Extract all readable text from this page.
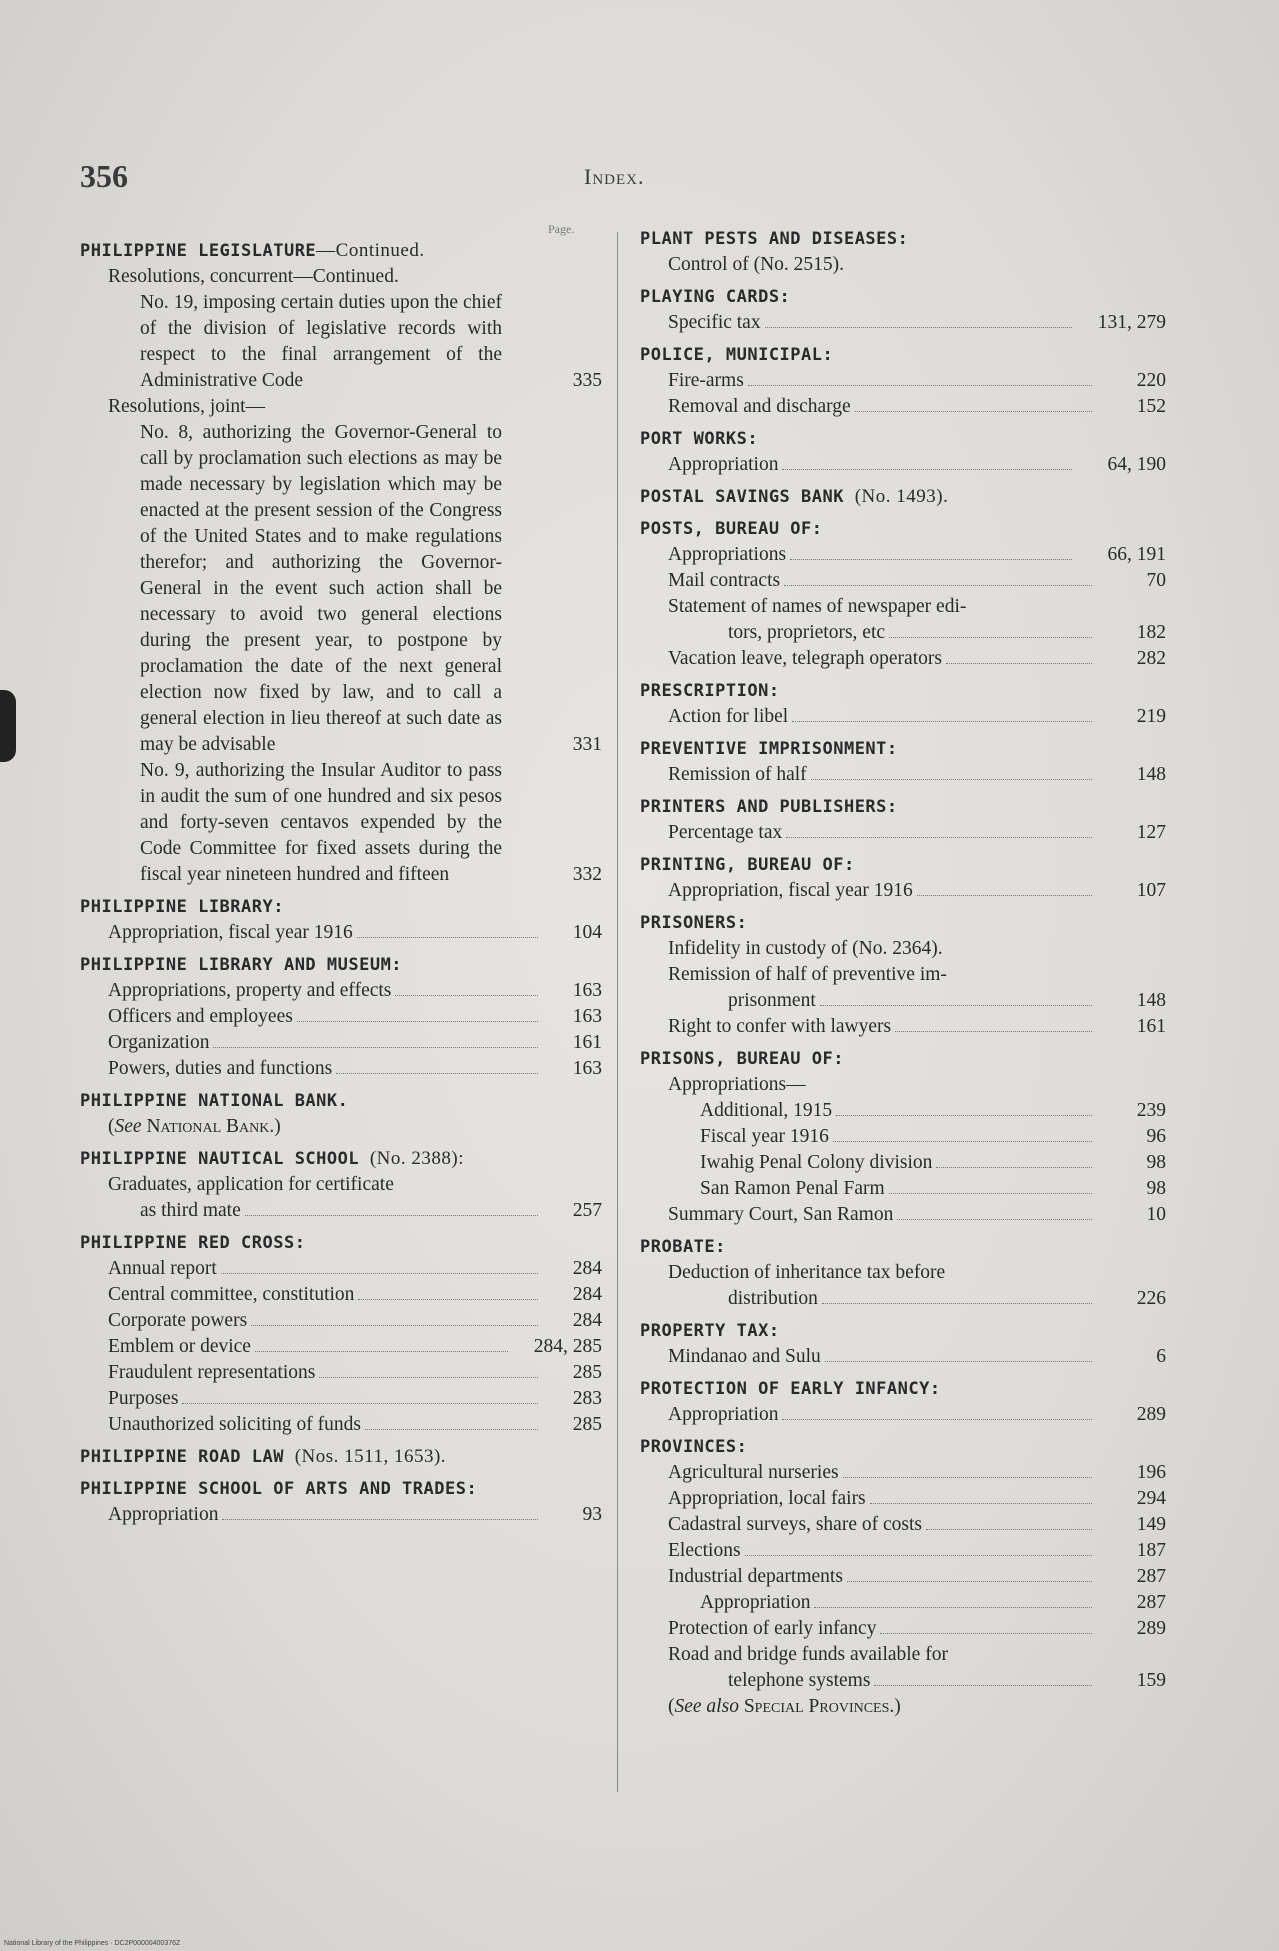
356	Index.
Page.
PHILIPPINE LEGISLATURE—Continued.
Resolutions, concurrent—Continued.
No. 19, imposing certain duties upon the chief of the division of legislative records with respect to the final arrangement of the Administrative Code	335
Resolutions, joint—
No. 8, authorizing the Governor-General to call by proclamation such elections as may be made necessary by legislation which may be enacted at the present session of the Congress of the United States and to make regulations therefor; and authorizing the Governor-General in the event such action shall be necessary to avoid two general elections during the present year, to postpone by proclamation the date of the next general election now fixed by law, and to call a general election in lieu thereof at such date as may be advisable	331
No. 9, authorizing the Insular Auditor to pass in audit the sum of one hundred and six pesos and forty-seven centavos expended by the Code Committee for fixed assets during the fiscal year nineteen hundred and fifteen	332
PHILIPPINE LIBRARY:
Appropriation, fiscal year 1916	104
PHILIPPINE LIBRARY AND MUSEUM:
Appropriations, property and effects	163
Officers and employees	163
Organization	161
Powers, duties and functions	163
PHILIPPINE NATIONAL BANK.
(See National Bank.)
PHILIPPINE NAUTICAL SCHOOL (No. 2388):
Graduates, application for certificate
as third mate	257
PHILIPPINE RED CROSS:
Annual report	284
Central committee, constitution	284
Corporate powers	284
Emblem or device	284, 285
Fraudulent representations	285
Purposes	283
Unauthorized soliciting of funds	285
PHILIPPINE ROAD LAW (Nos. 1511, 1653).
PHILIPPINE SCHOOL OF ARTS AND TRADES:
Appropriation	93
PLANT PESTS AND DISEASES:
Control of (No. 2515).
PLAYING CARDS:
Specific tax	131, 279
POLICE, MUNICIPAL:
Fire-arms	220
Removal and discharge	152
PORT WORKS:
Appropriation	64, 190
POSTAL SAVINGS BANK (No. 1493).
POSTS, BUREAU OF:
Appropriations	66, 191
Mail contracts	70
Statement of names of newspaper edi-
tors, proprietors, etc	182
Vacation leave, telegraph operators	282
PRESCRIPTION:
Action for libel	219
PREVENTIVE IMPRISONMENT:
Remission of half	148
PRINTERS AND PUBLISHERS:
Percentage tax	127
PRINTING, BUREAU OF:
Appropriation, fiscal year 1916	107
PRISONERS:
Infidelity in custody of (No. 2364).
Remission of half of preventive im-
prisonment	148
Right to confer with lawyers	161
PRISONS, BUREAU OF:
Appropriations—
Additional, 1915	239
Fiscal year 1916	96
Iwahig Penal Colony division	98
San Ramon Penal Farm	98
Summary Court, San Ramon	10
PROBATE:
Deduction of inheritance tax before
distribution	226
PROPERTY TAX:
Mindanao and Sulu	6
PROTECTION OF EARLY INFANCY:
Appropriation	289
PROVINCES:
Agricultural nurseries	196
Appropriation, local fairs	294
Cadastral surveys, share of costs	149
Elections	187
Industrial departments	287
Appropriation	287
Protection of early infancy	289
Road and bridge funds available for
telephone systems	159
(See also Special Provinces.)
National Library of the Philippines · DC2P00000400376Z
